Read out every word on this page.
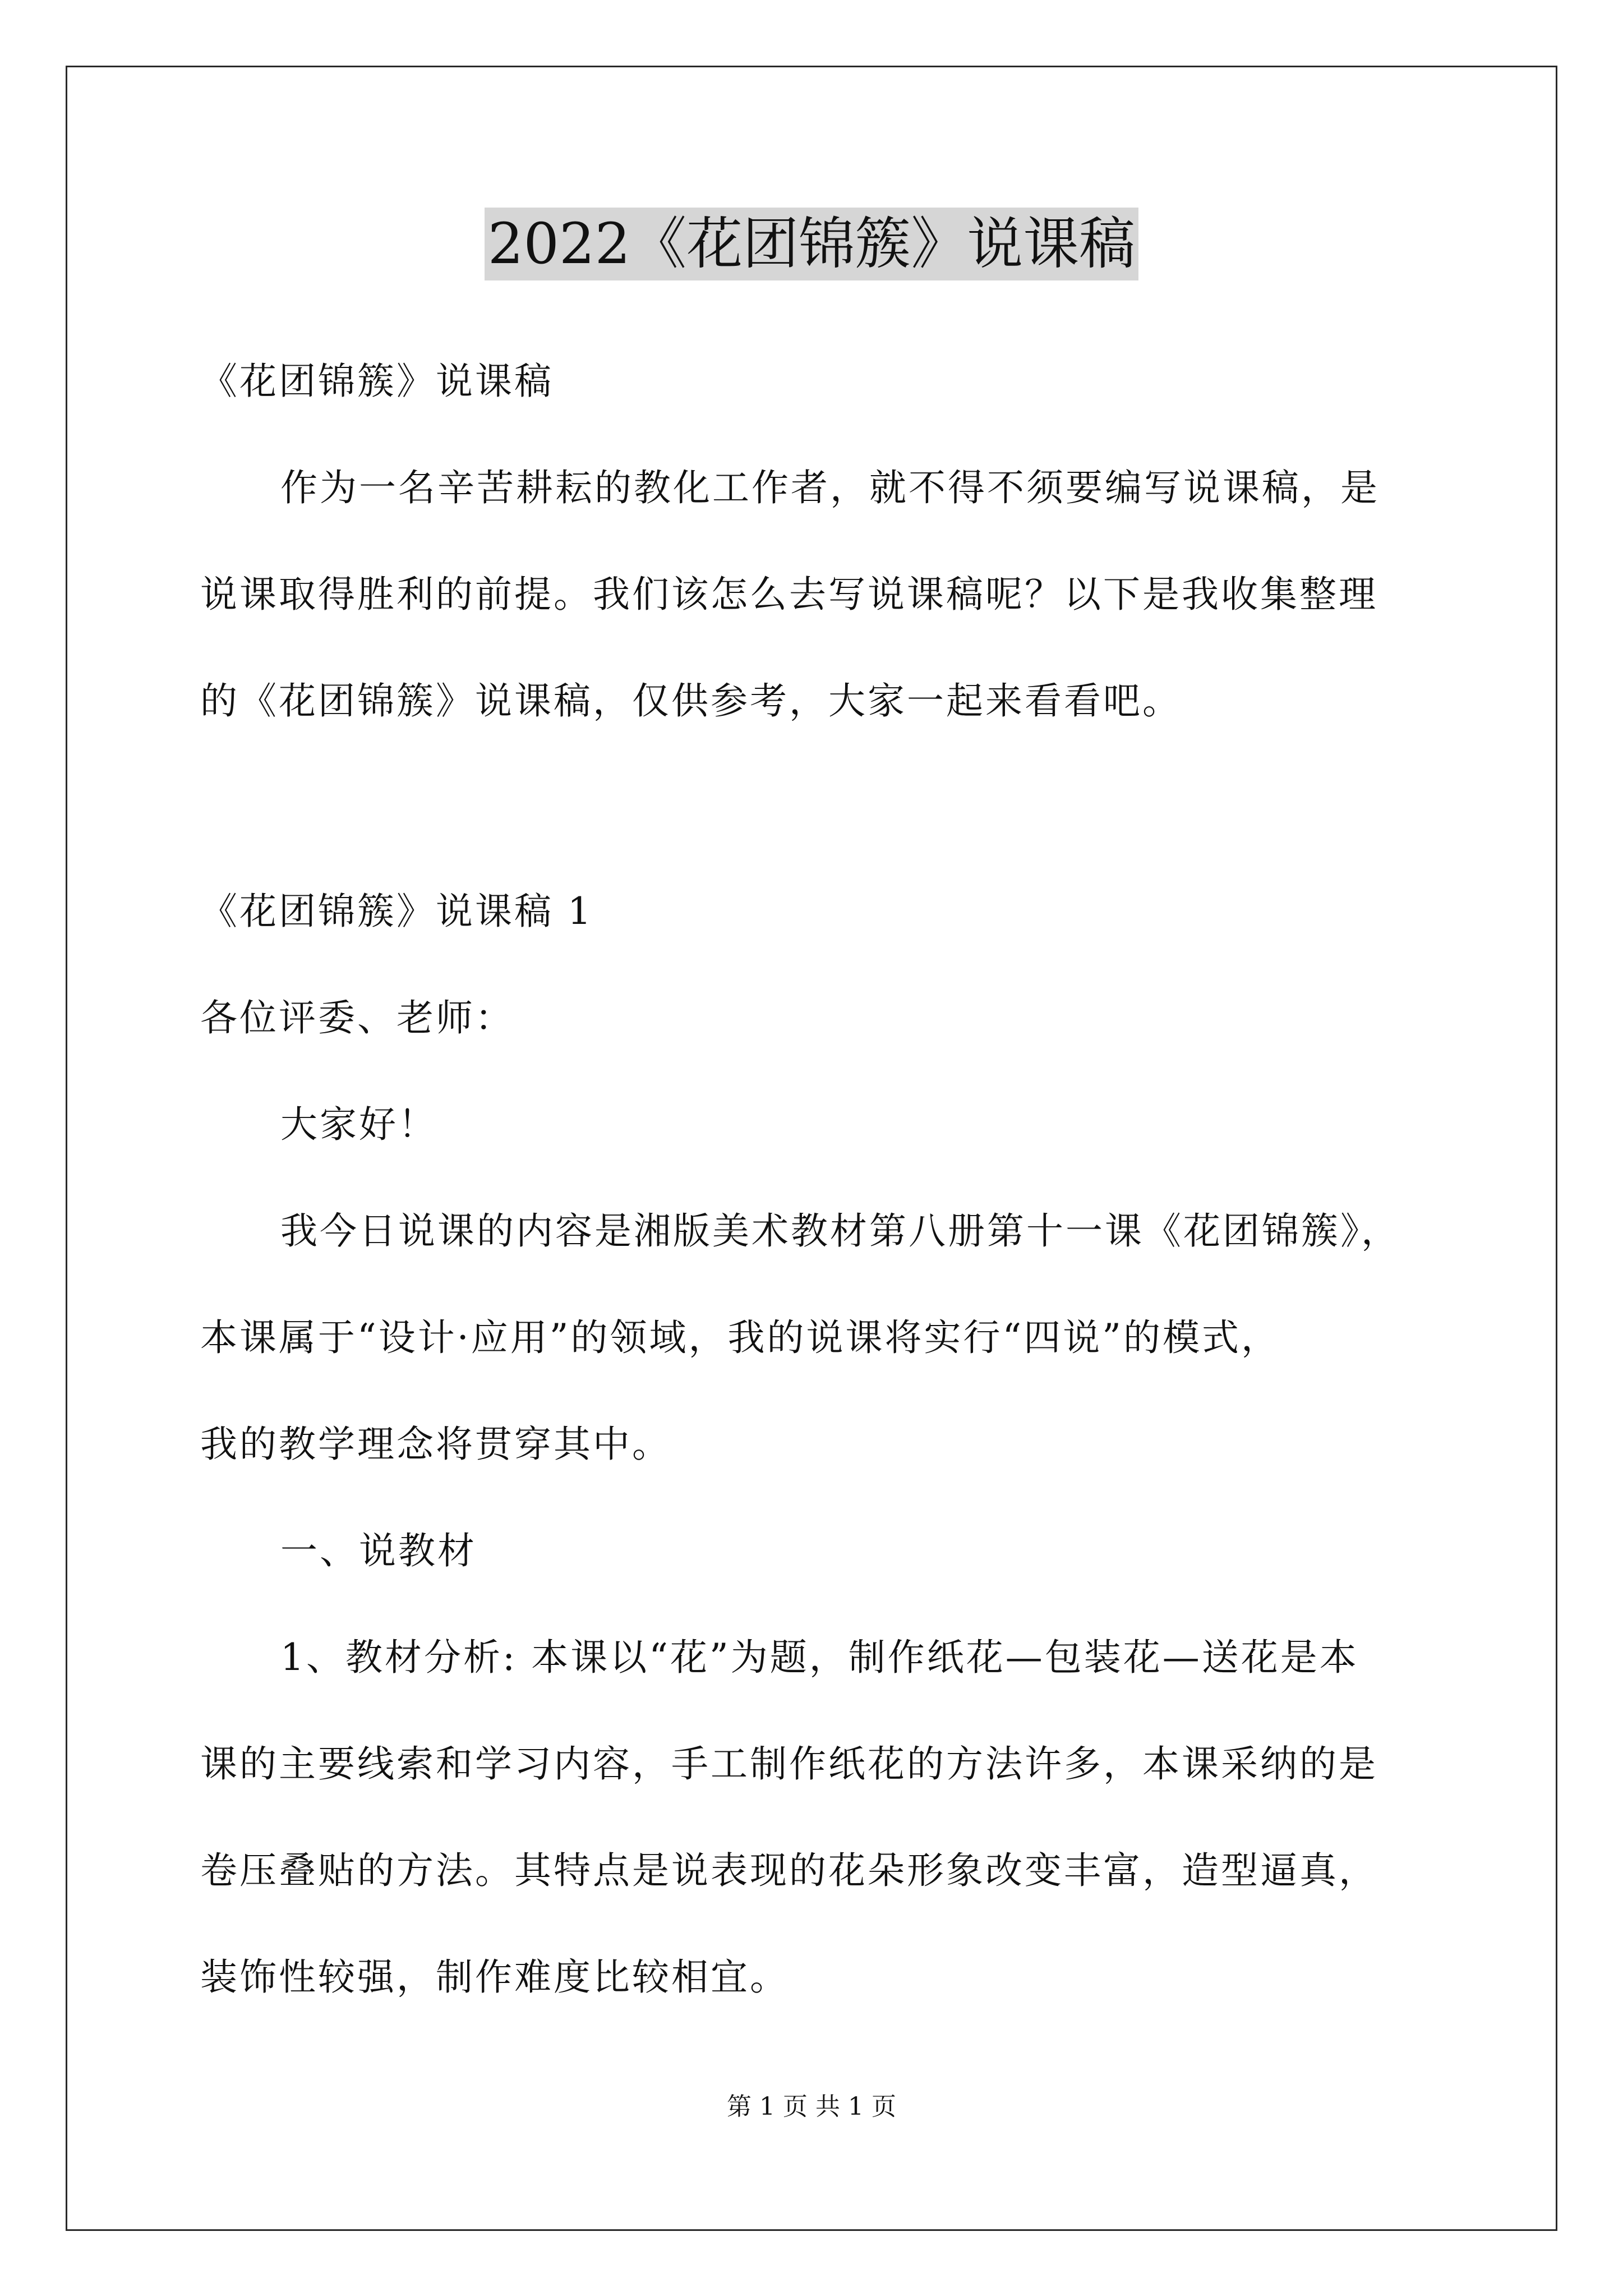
2022《花团锦簇》说课稿
《花团锦簇》说课稿
作为一名辛苦耕耘的教化工作者，就不得不须要编写说课稿，是
说课取得胜利的前提。我们该怎么去写说课稿呢？以下是我收集整理
的《花团锦簇》说课稿，仅供参考，大家一起来看看吧。
《花团锦簇》说课稿 1
各位评委、老师：
大家好！
我今日说课的内容是湘版美术教材第八册第十一课《花团锦簇》，
本课属于“设计·应用”的领域，我的说课将实行“四说”的模式，
我的教学理念将贯穿其中。
一、说教材
1、教材分析: 本课以“花”为题，制作纸花—包装花—送花是本
课的主要线索和学习内容，手工制作纸花的方法许多，本课采纳的是
卷压叠贴的方法。其特点是说表现的花朵形象改变丰富，造型逼真，
装饰性较强，制作难度比较相宜。
第 1 页 共 1 页
